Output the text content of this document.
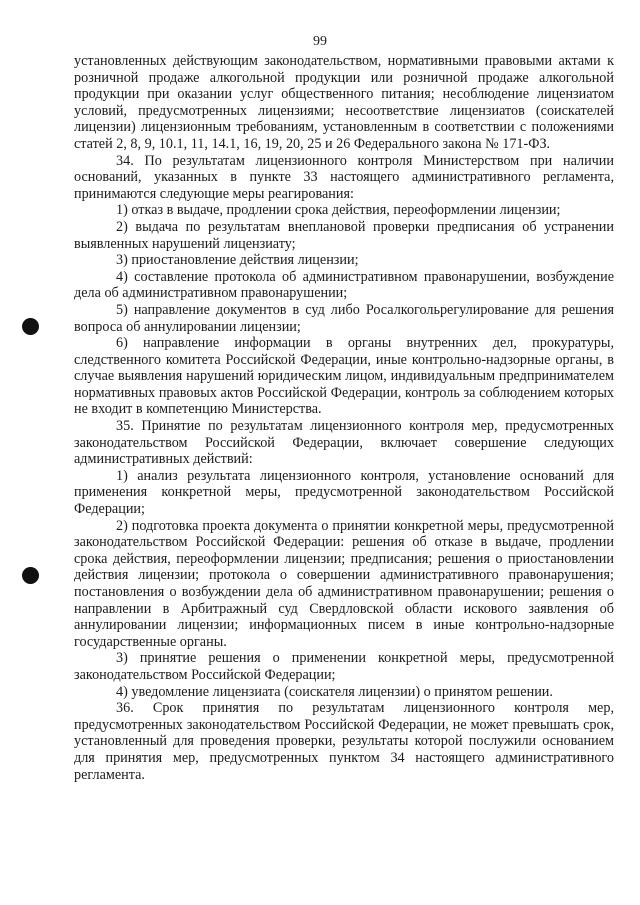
99

установленных действующим законодательством, нормативными правовыми актами к розничной продаже алкогольной продукции или розничной продаже алкогольной продукции при оказании услуг общественного питания; несоблюдение лицензиатом условий, предусмотренных лицензиями; несоответствие лицензиатов (соискателей лицензии) лицензионным требованиям, установленным в соответствии с положениями статей 2, 8, 9, 10.1, 11, 14.1, 16, 19, 20, 25 и 26 Федерального закона № 171-ФЗ.

34. По результатам лицензионного контроля Министерством при наличии оснований, указанных в пункте 33 настоящего административного регламента, принимаются следующие меры реагирования:

1) отказ в выдаче, продлении срока действия, переоформлении лицензии;

2) выдача по результатам внеплановой проверки предписания об устранении выявленных нарушений лицензиату;

3) приостановление действия лицензии;

4) составление протокола об административном правонарушении, возбуждение дела об административном правонарушении;

5) направление документов в суд либо Росалкогольрегулирование для решения вопроса об аннулировании лицензии;

6) направление информации в органы внутренних дел, прокуратуры, следственного комитета Российской Федерации, иные контрольно-надзорные органы, в случае выявления нарушений юридическим лицом, индивидуальным предпринимателем нормативных правовых актов Российской Федерации, контроль за соблюдением которых не входит в компетенцию Министерства.

35. Принятие по результатам лицензионного контроля мер, предусмотренных законодательством Российской Федерации, включает совершение следующих административных действий:

1) анализ результата лицензионного контроля, установление оснований для применения конкретной меры, предусмотренной законодательством Российской Федерации;

2) подготовка проекта документа о принятии конкретной меры, предусмотренной законодательством Российской Федерации: решения об отказе в выдаче, продлении срока действия, переоформлении лицензии; предписания; решения о приостановлении действия лицензии; протокола о совершении административного правонарушения; постановления о возбуждении дела об административном правонарушении; решения о направлении в Арбитражный суд Свердловской области искового заявления об аннулировании лицензии; информационных писем в иные контрольно-надзорные государственные органы.

3) принятие решения о применении конкретной меры, предусмотренной законодательством Российской Федерации;

4) уведомление лицензиата (соискателя лицензии) о принятом решении.

36. Срок принятия по результатам лицензионного контроля мер, предусмотренных законодательством Российской Федерации, не может превышать срок, установленный для проведения проверки, результаты которой послужили основанием для принятия мер, предусмотренных пунктом 34 настоящего административного регламента.
